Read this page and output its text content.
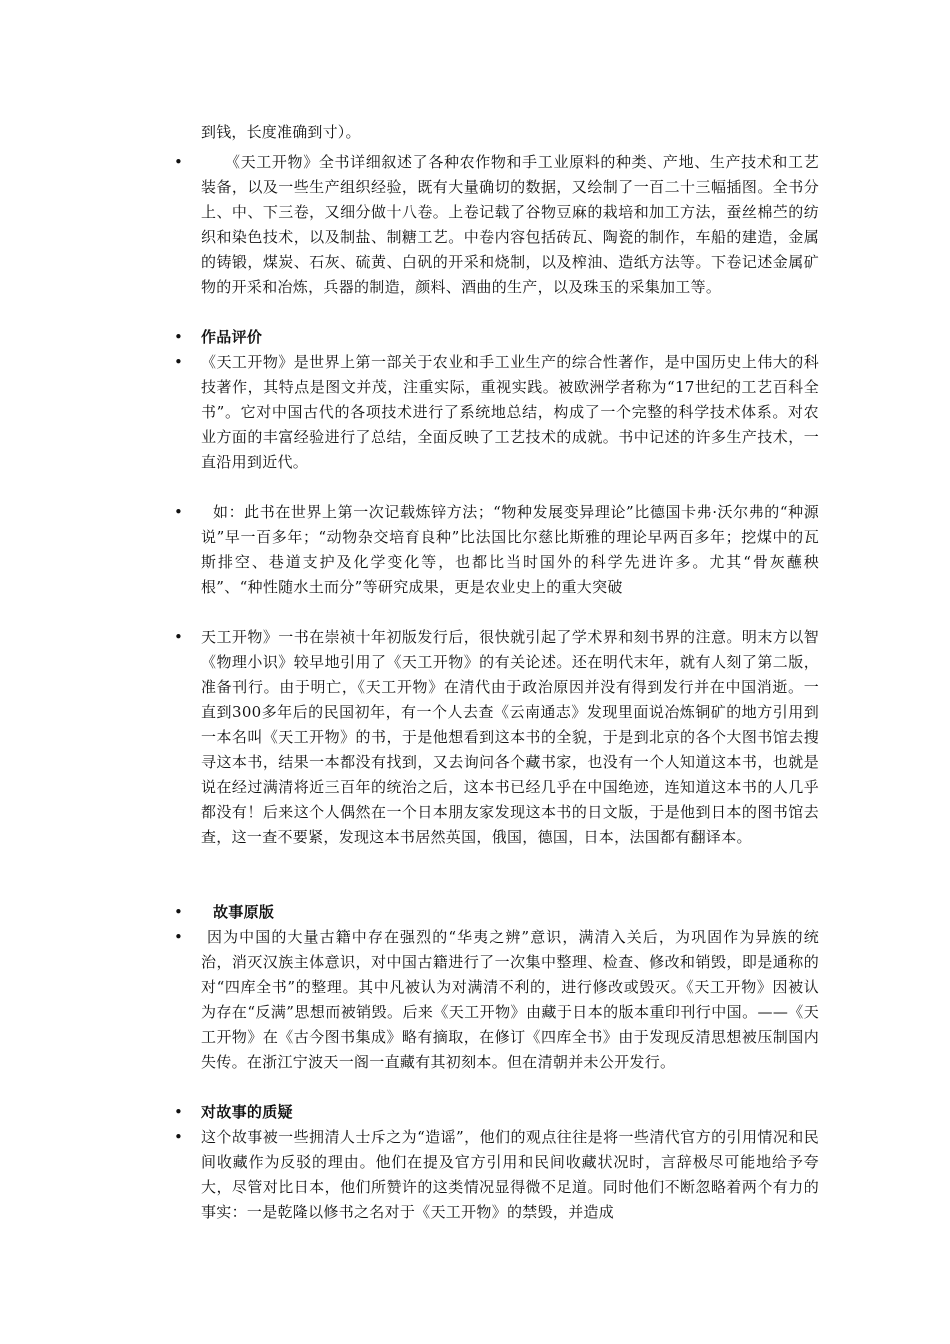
到钱，长度准确到寸）。
•	《天工开物》全书详细叙述了各种农作物和手工业原料的种类、产地、生产技术和工艺装备，以及一些生产组织经验，既有大量确切的数据，又绘制了一百二十三幅插图。全书分上、中、下三卷，又细分做十八卷。上卷记载了谷物豆麻的栽培和加工方法，蚕丝棉苎的纺织和染色技术，以及制盐、制糖工艺。中卷内容包括砖瓦、陶瓷的制作，车船的建造，金属的铸锻，煤炭、石灰、硫黄、白矾的开采和烧制，以及榨油、造纸方法等。下卷记述金属矿物的开采和冶炼，兵器的制造，颜料、酒曲的生产，以及珠玉的采集加工等。
• 作品评价
• 《天工开物》是世界上第一部关于农业和手工业生产的综合性著作，是中国历史上伟大的科技著作，其特点是图文并茂，注重实际，重视实践。被欧洲学者称为“17世纪的工艺百科全书”。它对中国古代的各项技术进行了系统地总结，构成了一个完整的科学技术体系。对农业方面的丰富经验进行了总结，全面反映了工艺技术的成就。书中记述的许多生产技术，一直沿用到近代。
•	如：此书在世界上第一次记载炼锌方法；“物种发展变异理论”比德国卡弗·沃尔弗的“种源说”早一百多年；“动物杂交培育良种”比法国比尔慈比斯雅的理论早两百多年；挖煤中的瓦斯排空、巷道支护及化学变化等，也都比当时国外的科学先进许多。尤其“骨灰蘸秧根”、“种性随水土而分”等研究成果，更是农业史上的重大突破
• 天工开物》一书在崇祯十年初版发行后，很快就引起了学术界和刻书界的注意。明末方以智《物理小识》较早地引用了《天工开物》的有关论述。还在明代末年，就有人刻了第二版，准备刊行。由于明亡，《天工开物》在清代由于政治原因并没有得到发行并在中国消逝。一直到300多年后的民国初年，有一个人去查《云南通志》发现里面说冶炼铜矿的地方引用到一本名叫《天工开物》的书，于是他想看到这本书的全貌，于是到北京的各个大图书馆去搜寻这本书，结果一本都没有找到，又去询问各个藏书家，也没有一个人知道这本书，也就是说在经过满清将近三百年的统治之后，这本书已经几乎在中国绝迹，连知道这本书的人几乎都没有！后来这个人偶然在一个日本朋友家发现这本书的日文版，于是他到日本的图书馆去查，这一查不要紧，发现这本书居然英国，俄国，德国，日本，法国都有翻译本。
•	故事原版
•	因为中国的大量古籍中存在强烈的“华夷之辨”意识，满清入关后，为巩固作为异族的统治，消灭汉族主体意识，对中国古籍进行了一次集中整理、检查、修改和销毁，即是通称的对“四库全书”的整理。其中凡被认为对满清不利的，进行修改或毁灭。《天工开物》因被认为存在“反满”思想而被销毁。后来《天工开物》由藏于日本的版本重印刊行中国。——《天工开物》在《古今图书集成》略有摘取，在修订《四库全书》由于发现反清思想被压制国内失传。在浙江宁波天一阁一直藏有其初刻本。但在清朝并未公开发行。
• 对故事的质疑
• 这个故事被一些拥清人士斥之为“造谣”，他们的观点往往是将一些清代官方的引用情况和民间收藏作为反驳的理由。他们在提及官方引用和民间收藏状况时，言辞极尽可能地给予夸大，尽管对比日本，他们所赞许的这类情况显得微不足道。同时他们不断忽略着两个有力的事实：一是乾隆以修书之名对于《天工开物》的禁毁，并造成
